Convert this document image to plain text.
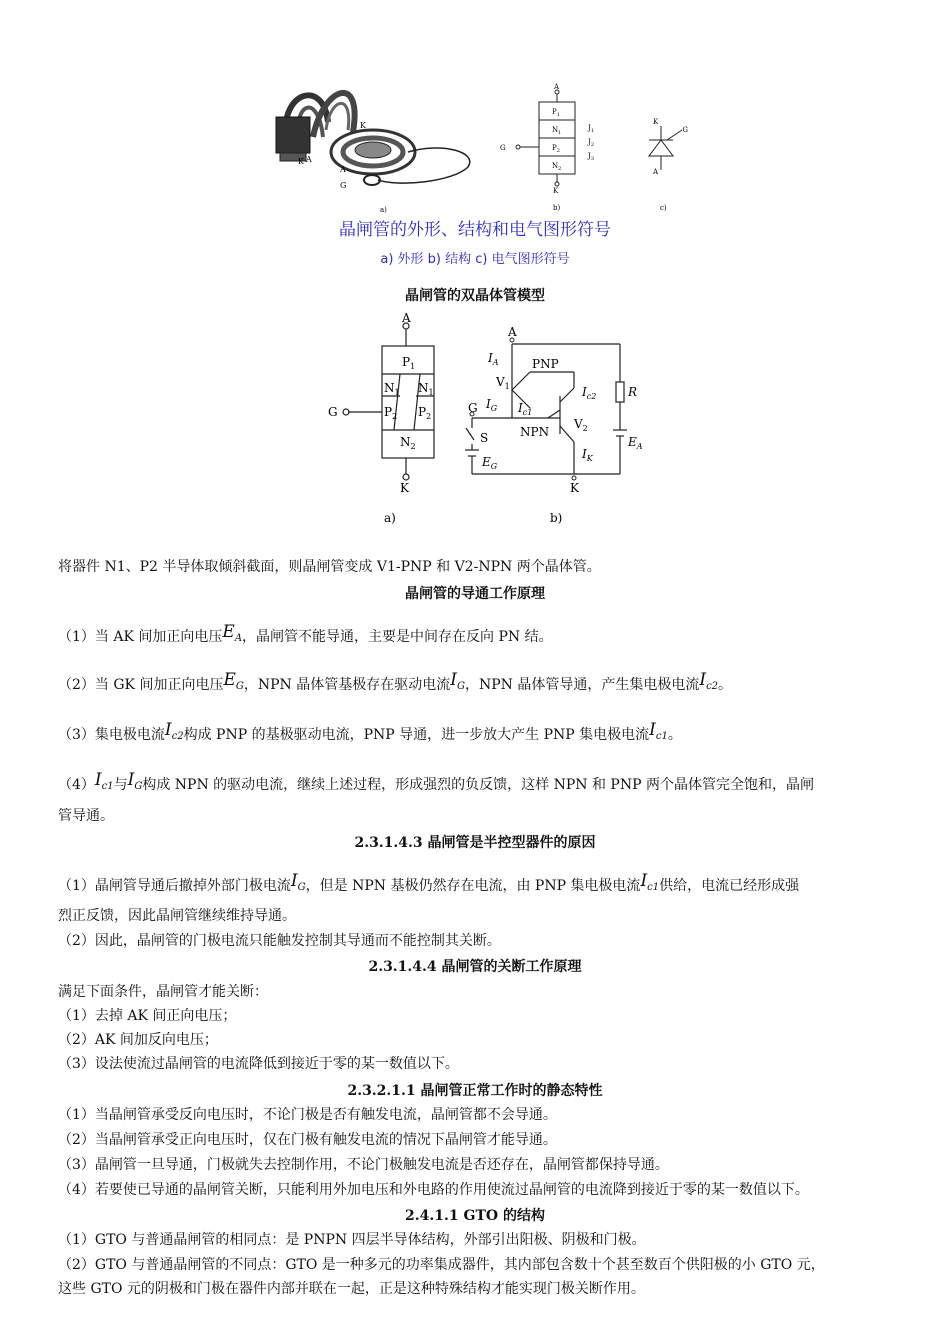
K
K A
A
G
a)
A
K
G
$P_1$
$N_1$
$P_2$
$N_2$
$J_1$
$J_2$
$J_3$
b)
K
G
A
c)
晶闸管的外形、结构和电气图形符号
a) 外形 b) 结构 c) 电气图形符号
晶闸管的双晶体管模型
A
K
G
$P_1$
$N_1$ $N_1$
$P_2$ $P_2$
$N_2$
a)
A
K
G
$I_A$	PNP
$V_1$	$I_{c2}$	R
$I_G$ $I_{c1}$
NPN
$V_2$
S	$E_A$
$E_G$
$I_K$
b)
将器件 N1、P2 半导体取倾斜截面，则晶闸管变成 V1-PNP 和 V2-NPN 两个晶体管。
晶闸管的导通工作原理
（1）当 AK 间加正向电压EA，晶闸管不能导通，主要是中间存在反向 PN 结。
（2）当 GK 间加正向电压EG，NPN 晶体管基极存在驱动电流IG，NPN 晶体管导通，产生集电极电流Ic2。
（3）集电极电流Ic2构成 PNP 的基极驱动电流，PNP 导通，进一步放大产生 PNP 集电极电流Ic1。
（4）Ic1与IG构成 NPN 的驱动电流，继续上述过程，形成强烈的负反馈，这样 NPN 和 PNP 两个晶体管完全饱和，晶闸
管导通。
2.3.1.4.3 晶闸管是半控型器件的原因
（1）晶闸管导通后撤掉外部门极电流IG，但是 NPN 基极仍然存在电流，由 PNP 集电极电流Ic1供给，电流已经形成强
烈正反馈，因此晶闸管继续维持导通。
（2）因此，晶闸管的门极电流只能触发控制其导通而不能控制其关断。
2.3.1.4.4 晶闸管的关断工作原理
满足下面条件，晶闸管才能关断：
（1）去掉 AK 间正向电压；
（2）AK 间加反向电压；
（3）设法使流过晶闸管的电流降低到接近于零的某一数值以下。
2.3.2.1.1 晶闸管正常工作时的静态特性
（1）当晶闸管承受反向电压时，不论门极是否有触发电流，晶闸管都不会导通。
（2）当晶闸管承受正向电压时，仅在门极有触发电流的情况下晶闸管才能导通。
（3）晶闸管一旦导通，门极就失去控制作用，不论门极触发电流是否还存在，晶闸管都保持导通。
（4）若要使已导通的晶闸管关断，只能利用外加电压和外电路的作用使流过晶闸管的电流降到接近于零的某一数值以下。
2.4.1.1 GTO 的结构
（1）GTO 与普通晶闸管的相同点：是 PNPN 四层半导体结构，外部引出阳极、阴极和门极。
（2）GTO 与普通晶闸管的不同点：GTO 是一种多元的功率集成器件，其内部包含数十个甚至数百个供阳极的小 GTO 元，
这些 GTO 元的阴极和门极在器件内部并联在一起，正是这种特殊结构才能实现门极关断作用。
